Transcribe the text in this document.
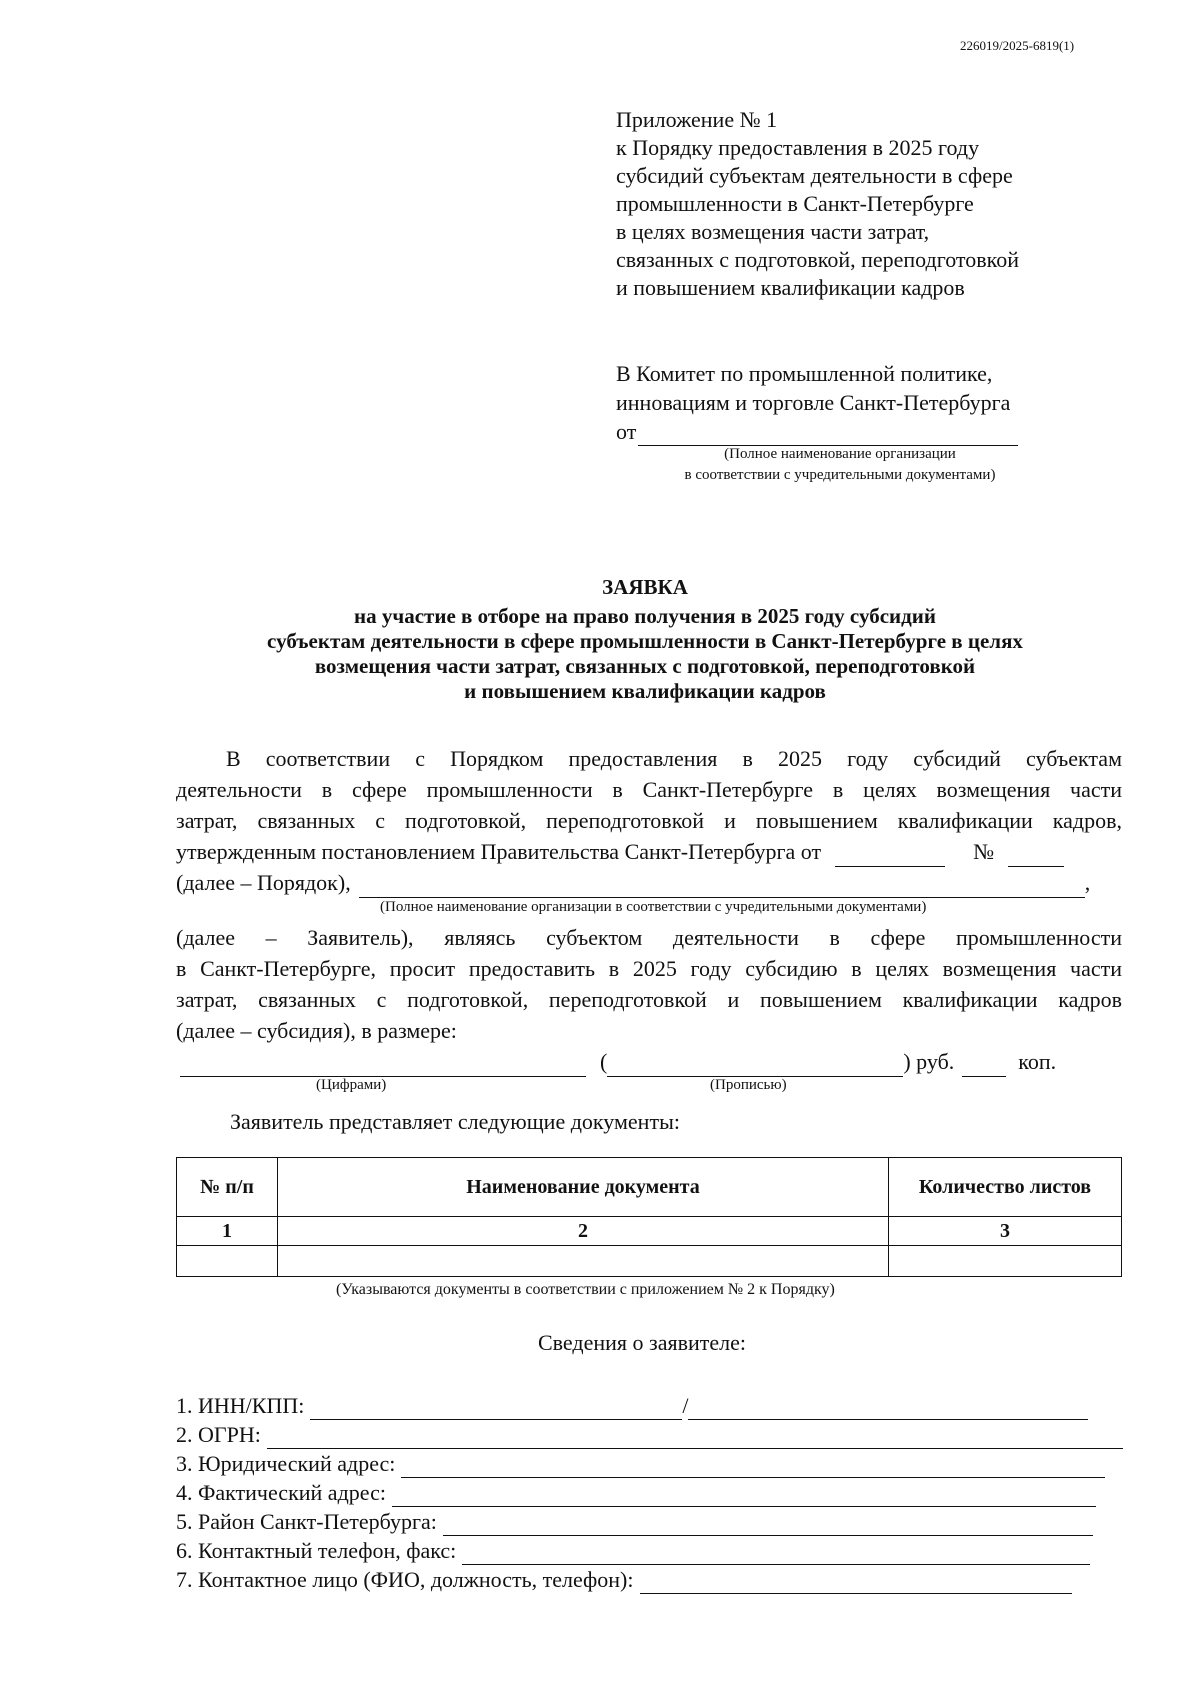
226019/2025-6819(1)
Приложение № 1
к Порядку предоставления в 2025 году
субсидий субъектам деятельности в сфере
промышленности в Санкт-Петербурге
в целях возмещения части затрат,
связанных с подготовкой, переподготовкой
и повышением квалификации кадров
В Комитет по промышленной политике,
инновациям и торговле Санкт-Петербурга
от
(Полное наименование организации
в соответствии с учредительными документами)
ЗАЯВКА
на участие в отборе на право получения в 2025 году субсидий
субъектам деятельности в сфере промышленности в Санкт-Петербурге в целях
возмещения части затрат, связанных с подготовкой, переподготовкой
и повышением квалификации кадров
В соответствии с Порядком предоставления в 2025 году субсидий субъектам
деятельности в сфере промышленности в Санкт-Петербурге в целях возмещения части
затрат, связанных с подготовкой, переподготовкой и повышением квалификации кадров,
утвержденным постановлением Правительства Санкт-Петербурга от	№
(далее – Порядок),	,
(Полное наименование организации в соответствии с учредительными документами)
(далее – Заявитель), являясь субъектом деятельности в сфере промышленности
в Санкт-Петербурге, просит предоставить в 2025 году субсидию в целях возмещения части
затрат, связанных с подготовкой, переподготовкой и повышением квалификации кадров
(далее – субсидия), в размере:
(	) руб.	коп.
(Цифрами)	(Прописью)
Заявитель представляет следующие документы:
№ п/п	Наименование документа	Количество листов
1	2	3

(Указываются документы в соответствии с приложением № 2 к Порядку)
Сведения о заявителе:
1. ИНН/КПП:	/
2. ОГРН:
3. Юридический адрес:
4. Фактический адрес:
5. Район Санкт-Петербурга:
6. Контактный телефон, факс:
7. Контактное лицо (ФИО, должность, телефон):
